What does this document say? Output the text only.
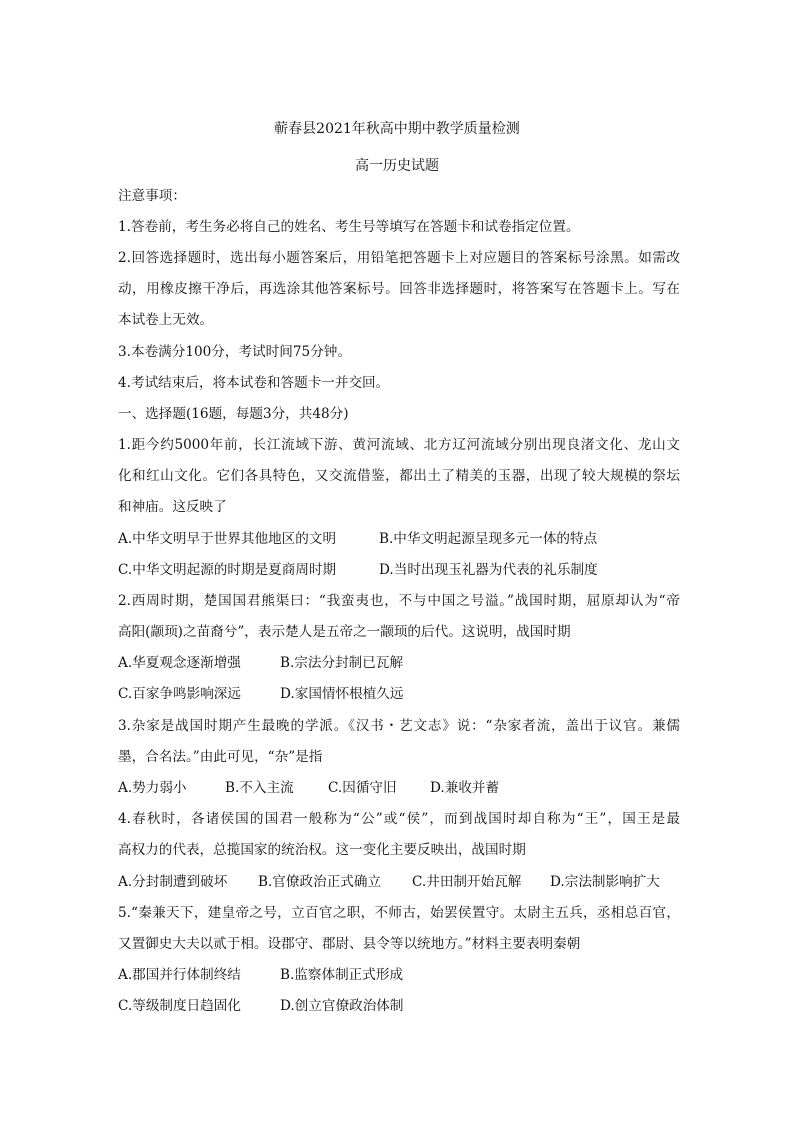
蕲春县2021年秋高中期中教学质量检测
高一历史试题
注意事项：
1.答卷前，考生务必将自己的姓名、考生号等填写在答题卡和试卷指定位置。
2.回答选择题时，选出每小题答案后，用铅笔把答题卡上对应题目的答案标号涂黑。如需改
动，用橡皮擦干净后，再选涂其他答案标号。回答非选择题时，将答案写在答题卡上。写在
本试卷上无效。
3.本卷满分100分，考试时间75分钟。
4.考试结束后，将本试卷和答题卡一并交回。
一、选择题(16题，每题3分，共48分)
1.距今约5000年前，长江流域下游、黄河流域、北方辽河流域分别出现良渚文化、龙山文
化和红山文化。它们各具特色，又交流借鉴，都出土了精美的玉器，出现了较大规模的祭坛
和神庙。这反映了
A.中华文明早于世界其他地区的文明	B.中华文明起源呈现多元一体的特点
C.中华文明起源的时期是夏商周时期	D.当时出现玉礼器为代表的礼乐制度
2.西周时期，楚国国君熊渠曰：“我蛮夷也，不与中国之号溢。”战国时期，屈原却认为“帝
高阳(颛顼)之苗裔兮”，表示楚人是五帝之一颛顼的后代。这说明，战国时期
A.华夏观念逐渐增强	B.宗法分封制已瓦解
C.百家争鸣影响深远	D.家国情怀根植久远
3.杂家是战国时期产生最晚的学派。《汉书・艺文志》说：“杂家者流，盖出于议官。兼儒
墨，合名法。”由此可见，“杂”是指
A.势力弱小	B.不入主流	C.因循守旧 D.兼收并蓄
4.春秋时，各诸侯国的国君一般称为“公”或“侯”，而到战国时却自称为“王”，国王是最
高权力的代表，总揽国家的统治权。这一变化主要反映出，战国时期
A.分封制遭到破坏 B.官僚政治正式确立 C.井田制开始瓦解 D.宗法制影响扩大
5.“秦兼天下，建皇帝之号，立百官之职，不师古，始罢侯置守。太尉主五兵，丞相总百官，
又置御史大夫以贰于相。设郡守、郡尉、县令等以统地方。”材料主要表明秦朝
A.郡国并行体制终结	B.监察体制正式形成
C.等级制度日趋固化	D.创立官僚政治体制
